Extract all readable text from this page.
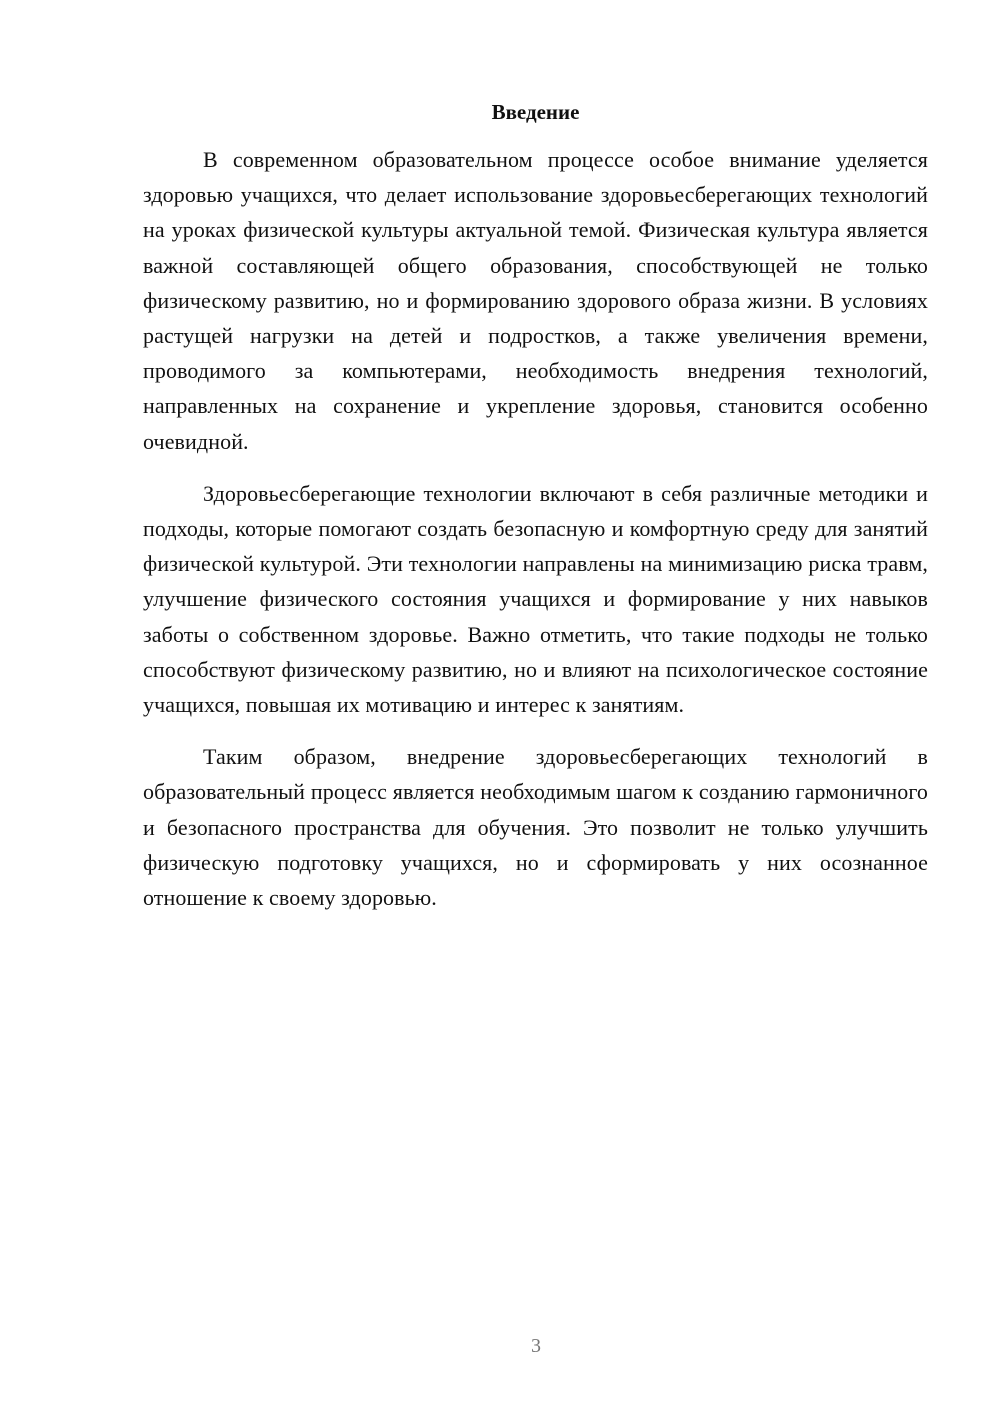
Введение

В современном образовательном процессе особое внимание уделяется здоровью учащихся, что делает использование здоровьесберегающих технологий на уроках физической культуры актуальной темой. Физическая культура является важной составляющей общего образования, способствующей не только физическому развитию, но и формированию здорового образа жизни. В условиях растущей нагрузки на детей и подростков, а также увеличения времени, проводимого за компьютерами, необходимость внедрения технологий, направленных на сохранение и укрепление здоровья, становится особенно очевидной.

Здоровьесберегающие технологии включают в себя различные методики и подходы, которые помогают создать безопасную и комфортную среду для занятий физической культурой. Эти технологии направлены на минимизацию риска травм, улучшение физического состояния учащихся и формирование у них навыков заботы о собственном здоровье. Важно отметить, что такие подходы не только способствуют физическому развитию, но и влияют на психологическое состояние учащихся, повышая их мотивацию и интерес к занятиям.

Таким образом, внедрение здоровьесберегающих технологий в образовательный процесс является необходимым шагом к созданию гармоничного и безопасного пространства для обучения. Это позволит не только улучшить физическую подготовку учащихся, но и сформировать у них осознанное отношение к своему здоровью.

3
